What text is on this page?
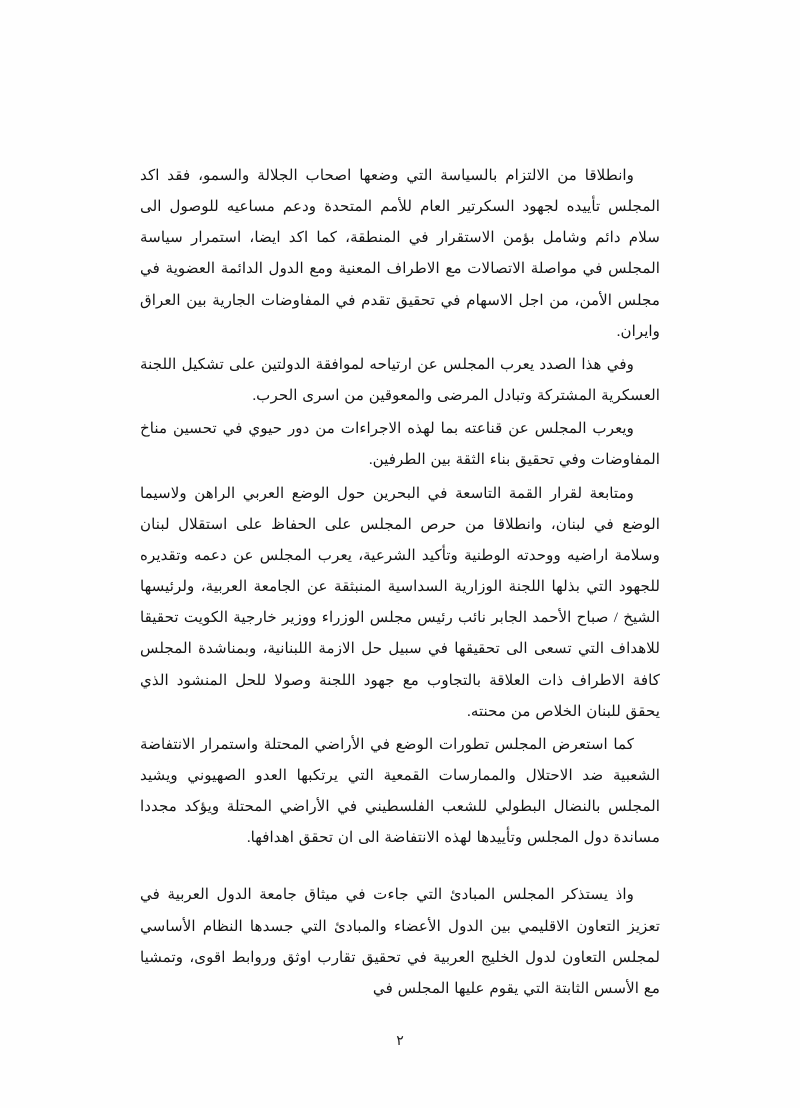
وانطلاقا من الالتزام بالسياسة التي وضعها اصحاب الجلالة والسمو، فقد اكد المجلس تأييده لجهود السكرتير العام للأمم المتحدة ودعم مساعيه للوصول الى سلام دائم وشامل بؤمن الاستقرار في المنطقة، كما اكد ايضا، استمرار سياسة المجلس في مواصلة الاتصالات مع الاطراف المعنية ومع الدول الدائمة العضوية في مجلس الأمن، من اجل الاسهام في تحقيق تقدم في المفاوضات الجارية بين العراق وايران.

وفي هذا الصدد يعرب المجلس عن ارتياحه لموافقة الدولتين على تشكيل اللجنة العسكرية المشتركة وتبادل المرضى والمعوقين من اسرى الحرب.

ويعرب المجلس عن قناعته بما لهذه الاجراءات من دور حيوي في تحسين مناخ المفاوضات وفي تحقيق بناء الثقة بين الطرفين.

ومتابعة لقرار القمة التاسعة في البحرين حول الوضع العربي الراهن ولاسيما الوضع في لبنان، وانطلاقا من حرص المجلس على الحفاظ على استقلال لبنان وسلامة اراضيه ووحدته الوطنية وتأكيد الشرعية، يعرب المجلس عن دعمه وتقديره للجهود التي بذلها اللجنة الوزارية السداسية المنبثقة عن الجامعة العربية، ولرئيسها الشيخ / صباح الأحمد الجابر نائب رئيس مجلس الوزراء ووزير خارجية الكويت تحقيقا للاهداف التي تسعى الى تحقيقها في سبيل حل الازمة اللبنانية، وبمناشدة المجلس كافة الاطراف ذات العلاقة بالتجاوب مع جهود اللجنة وصولا للحل المنشود الذي يحقق للبنان الخلاص من محنته.

كما استعرض المجلس تطورات الوضع في الأراضي المحتلة واستمرار الانتفاضة الشعبية ضد الاحتلال والممارسات القمعية التي يرتكبها العدو الصهيوني ويشيد المجلس بالنضال البطولي للشعب الفلسطيني في الأراضي المحتلة ويؤكد مجددا مساندة دول المجلس وتأييدها لهذه الانتفاضة الى ان تحقق اهدافها.

واذ يستذكر المجلس المبادئ التي جاءت في ميثاق جامعة الدول العربية في تعزيز التعاون الاقليمي بين الدول الأعضاء والمبادئ التي جسدها النظام الأساسي لمجلس التعاون لدول الخليج العربية في تحقيق تقارب اوثق وروابط اقوى، وتمشيا مع الأسس الثابتة التي يقوم عليها المجلس في

٢
